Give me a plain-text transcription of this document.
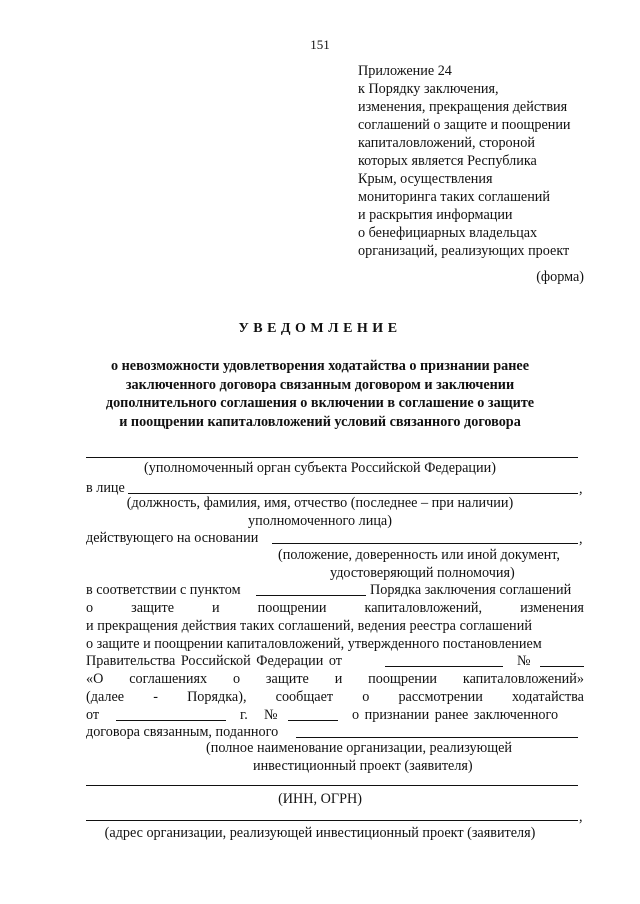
151
Приложение 24
к Порядку заключения,
изменения, прекращения действия
соглашений о защите и поощрении
капиталовложений, стороной
которых является Республика
Крым, осуществления
мониторинга таких соглашений
и раскрытия информации
о бенефициарных владельцах
организаций, реализующих проект
(форма)
УВЕДОМЛЕНИЕ
о невозможности удовлетворения ходатайства о признании ранее
заключенного договора связанным договором и заключении
дополнительного соглашения о включении в соглашение о защите
и поощрении капиталовложений условий связанного договора
(уполномоченный орган субъекта Российской Федерации)
в лице	,
(должность, фамилия, имя, отчество (последнее – при наличии)
уполномоченного лица)
действующего на основании	,
(положение, доверенность или иной документ,
удостоверяющий полномочия)
в соответствии с пунктом	Порядка заключения соглашений
о	защите	и	поощрении	капиталовложений,	изменения
и прекращения действия таких соглашений, ведения реестра соглашений
о защите и поощрении капиталовложений, утвержденного постановлением
Правительства Российской Федерации от	№
«О соглашениях о защите и поощрении капиталовложений»
(далее - Порядка), сообщает о рассмотрении ходатайства
от	г. №	о признании ранее заключенного
договора связанным, поданного
(полное наименование организации, реализующей
инвестиционный проект (заявителя)
(ИНН, ОГРН)
,
(адрес организации, реализующей инвестиционный проект (заявителя)
